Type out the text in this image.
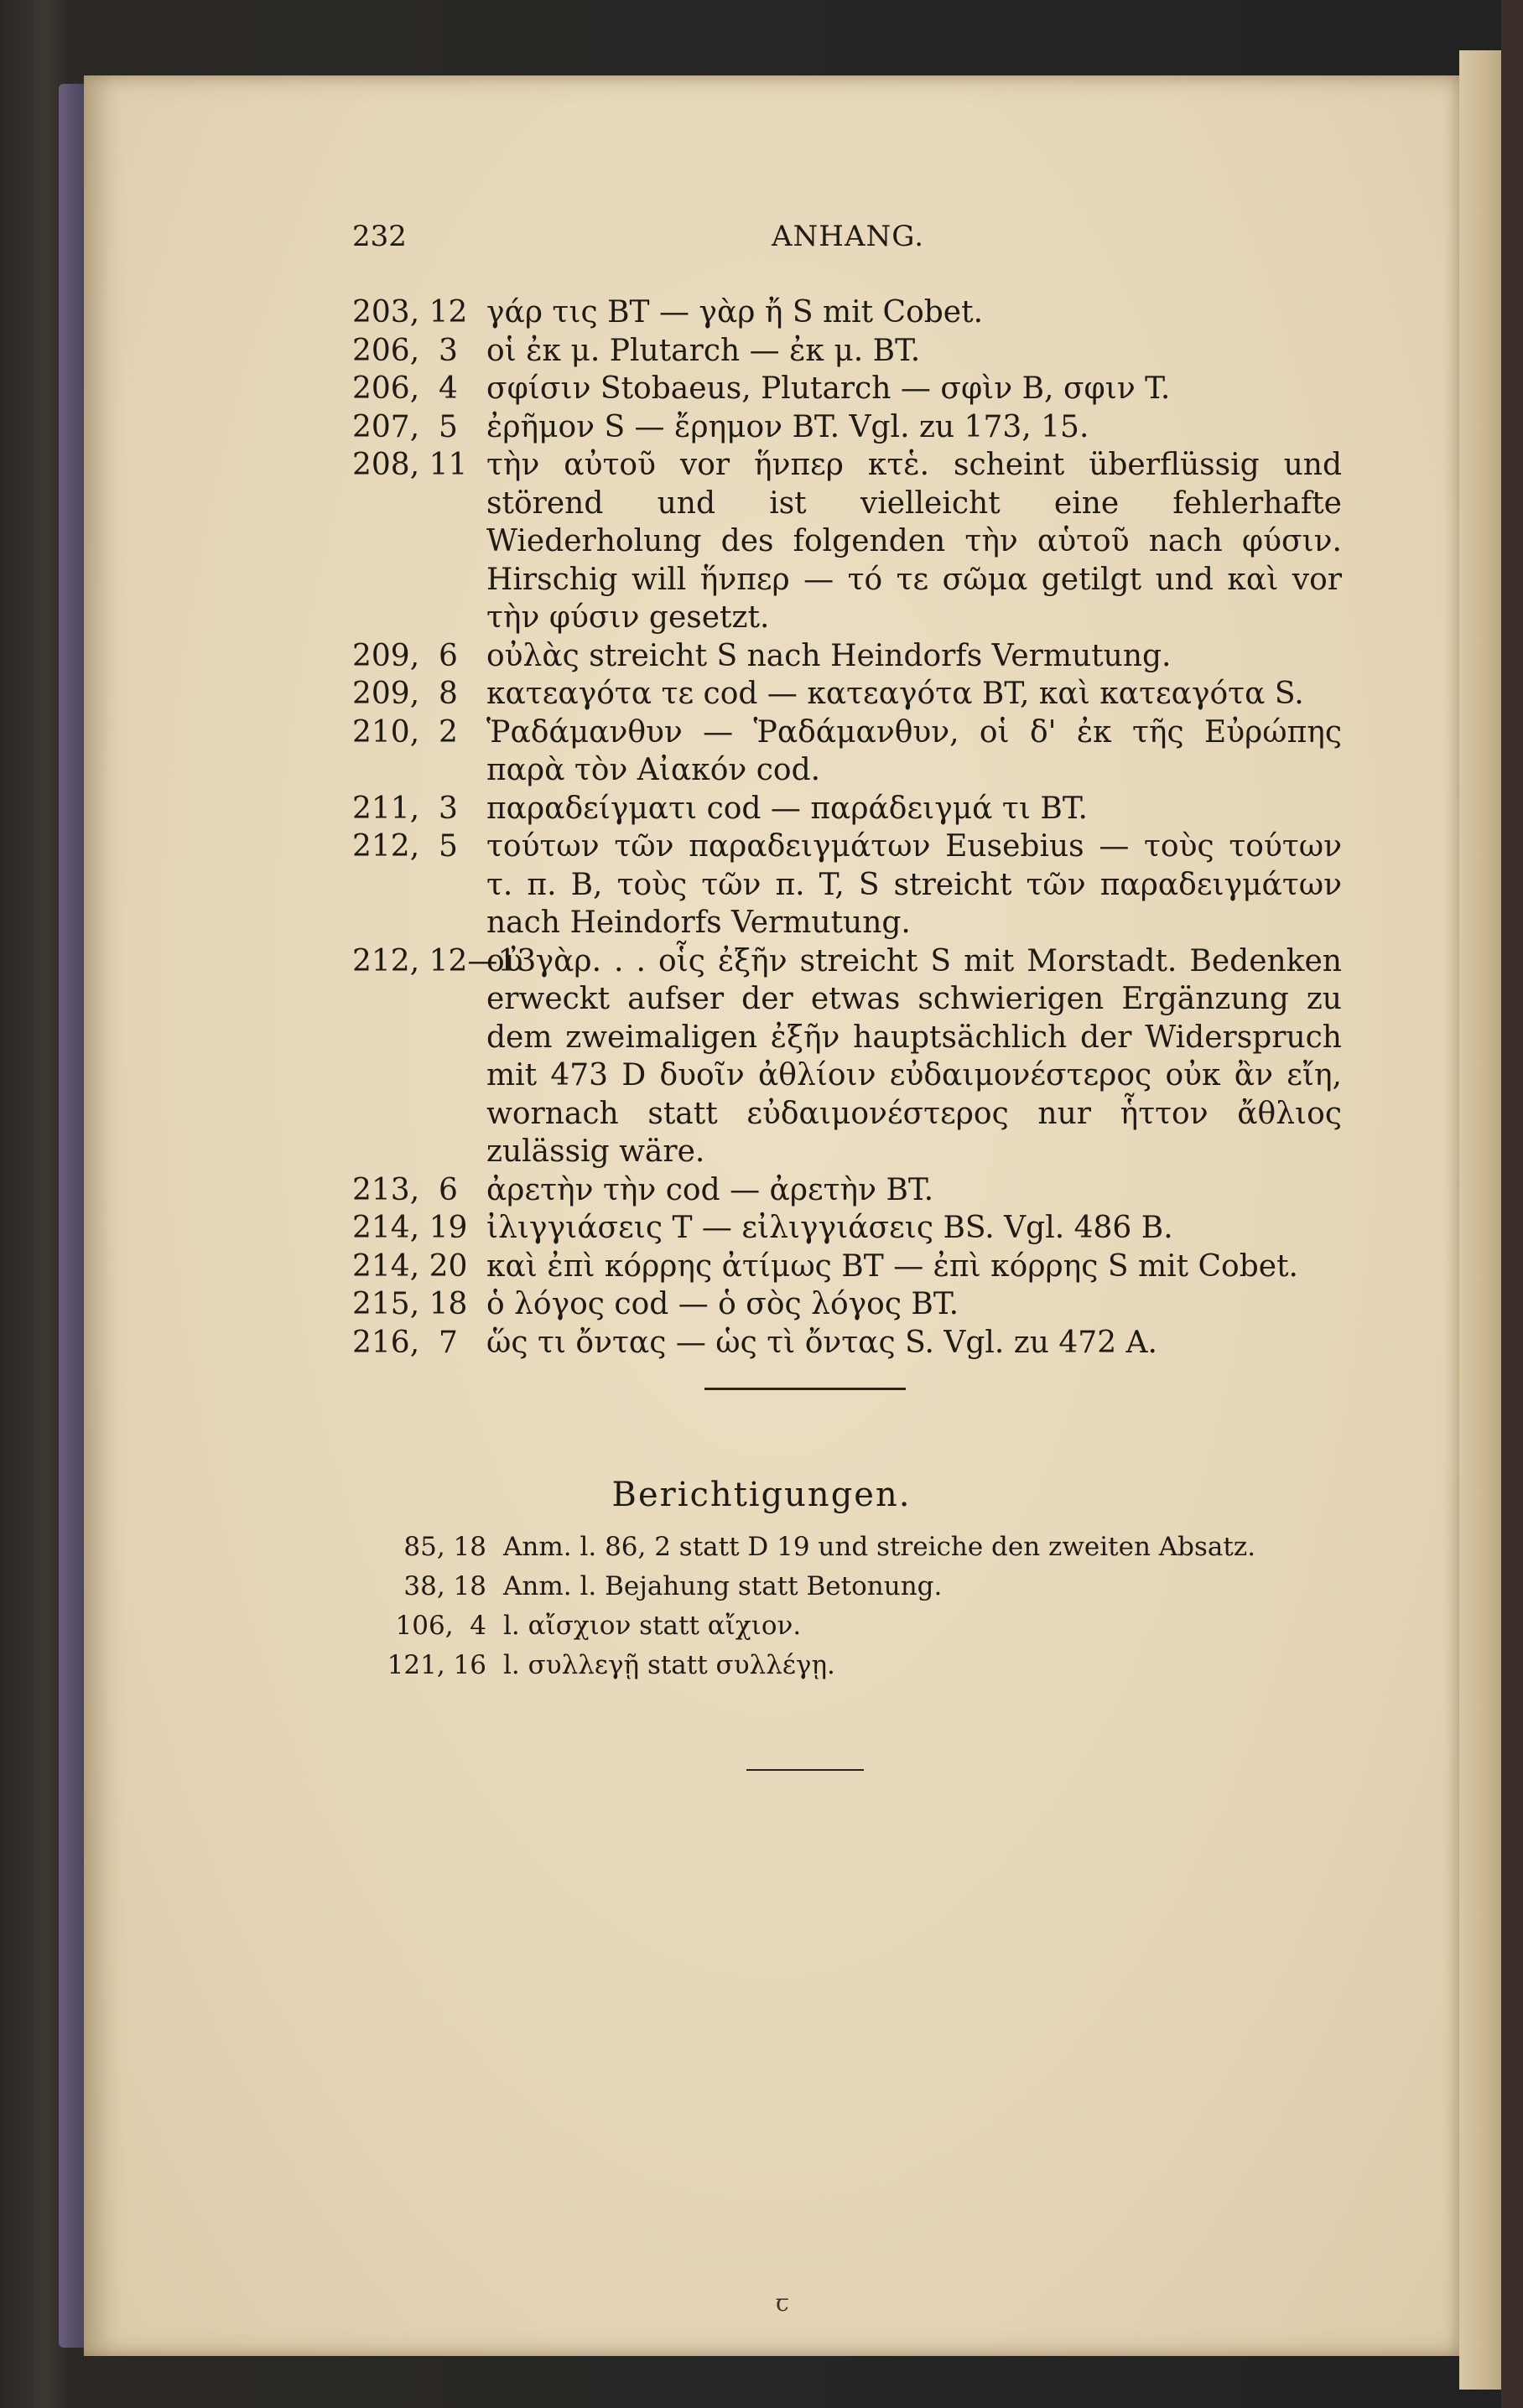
232	ANHANG.
203, 12 γάρ τις BT — γὰρ ἤ S mit Cobet.
206,  3 οἱ ἐκ μ. Plutarch — ἐκ μ. BT.
206,  4 σφίσιν Stobaeus, Plutarch — σφὶν B, σφιν T.
207,  5 ἐρῆμον S — ἔρημον BT. Vgl. zu 173, 15.
208, 11 τὴν αὐτοῦ vor ἥνπερ κτἑ. scheint überflüssig und störend und ist vielleicht eine fehlerhafte Wiederholung des folgenden τὴν αὑτοῦ nach φύσιν. Hirschig will ἥνπερ — τό τε σῶμα getilgt und καὶ vor τὴν φύσιν gesetzt.
209,  6 οὐλὰς streicht S nach Heindorfs Vermutung.
209,  8 κατεαγότα τε cod — κατεαγότα BT, καὶ κατεαγότα S.
210,  2 Ῥαδάμανθυν — Ῥαδάμανθυν, οἱ δ' ἐκ τῆς Εὐρώπης παρὰ τὸν Αἰακόν cod.
211,  3 παραδείγματι cod — παράδειγμά τι BT.
212,  5 τούτων τῶν παραδειγμάτων Eusebius — τοὺς τούτων τ. π. B, τοὺς τῶν π. T, S streicht τῶν παραδειγμάτων nach Heindorfs Vermutung.
212, 12—13
οὐ γὰρ. . . οἷς ἐξῆν streicht S mit Morstadt. Bedenken erweckt aufser der etwas schwierigen Ergänzung zu dem zweimaligen ἐξῆν hauptsächlich der Widerspruch mit 473 D δυοῖν ἀθλίοιν εὐδαιμονέστερος οὐκ ἂν εἴη, wornach statt εὐδαιμονέστερος nur ἧττον ἄθλιος zulässig wäre.
213,  6 ἀρετὴν τὴν cod — ἀρετὴν BT.
214, 19 ἰλιγγιάσεις T — εἰλιγγιάσεις BS. Vgl. 486 B.
214, 20 καὶ ἐπὶ κόρρης ἀτίμως BT — ἐπὶ κόρρης S mit Cobet.
215, 18 ὁ λόγος cod — ὁ σὸς λόγος BT.
216,  7 ὥς τι ὄντας — ὡς τὶ ὄντας S. Vgl. zu 472 A.
Berichtigungen.
85, 18 Anm. l. 86, 2 statt D 19 und streiche den zweiten Absatz.
38, 18 Anm. l. Bejahung statt Betonung.
106,  4 l. αἴσχιον statt αἴχιον.
121, 16 l. συλλεγῇ statt συλλέγῃ.
ꞇ
